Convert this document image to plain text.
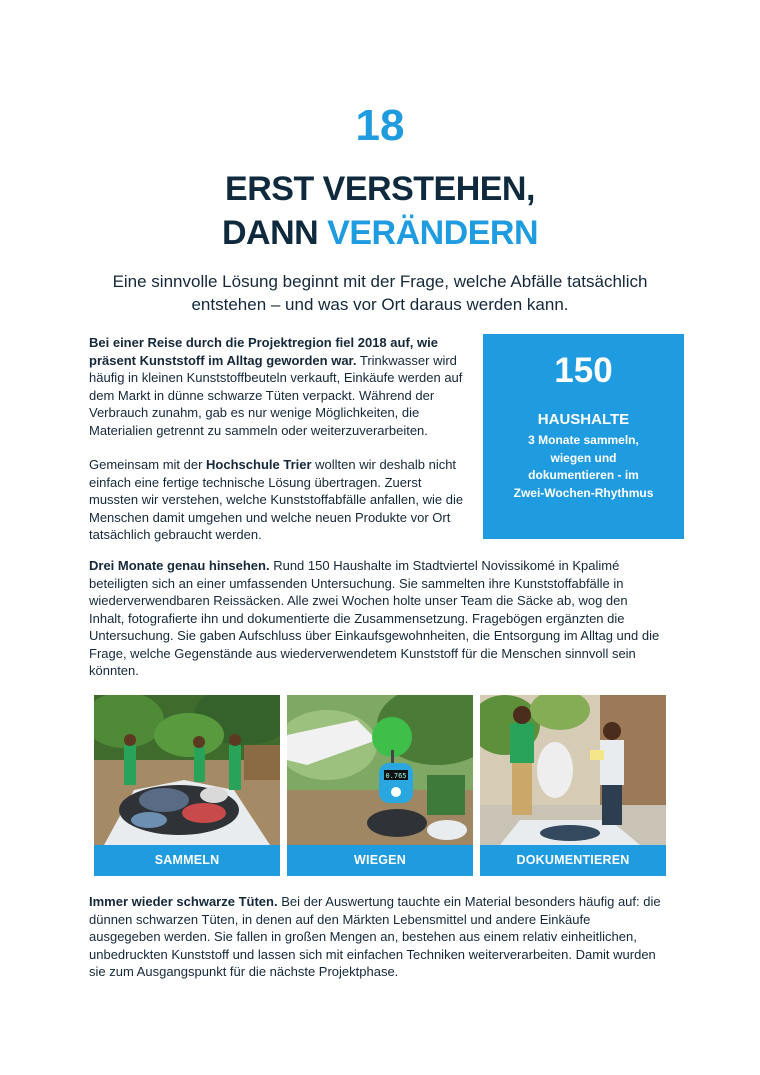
18
ERST VERSTEHEN,
DANN VERÄNDERN
Eine sinnvolle Lösung beginnt mit der Frage, welche Abfälle tatsächlich entstehen – und was vor Ort daraus werden kann.
Bei einer Reise durch die Projektregion fiel 2018 auf, wie präsent Kunststoff im Alltag geworden war. Trinkwasser wird häufig in kleinen Kunststoffbeuteln verkauft, Einkäufe werden auf dem Markt in dünne schwarze Tüten verpackt. Während der Verbrauch zunahm, gab es nur wenige Möglichkeiten, die Materialien getrennt zu sammeln oder weiterzuverarbeiten.
Gemeinsam mit der Hochschule Trier wollten wir deshalb nicht einfach eine fertige technische Lösung übertragen. Zuerst mussten wir verstehen, welche Kunststoffabfälle anfallen, wie die Menschen damit umgehen und welche neuen Produkte vor Ort tatsächlich gebraucht werden.
150
HAUSHALTE
3 Monate sammeln, wiegen und dokumentieren - im Zwei-Wochen-Rhythmus
Drei Monate genau hinsehen. Rund 150 Haushalte im Stadtviertel Novissikomé in Kpalimé beteiligten sich an einer umfassenden Untersuchung. Sie sammelten ihre Kunststoffabfälle in wiederverwendbaren Reissäcken. Alle zwei Wochen holte unser Team die Säcke ab, wog den Inhalt, fotografierte ihn und dokumentierte die Zusammensetzung. Fragebögen ergänzten die Untersuchung. Sie gaben Aufschluss über Einkaufsgewohnheiten, die Entsorgung im Alltag und die Frage, welche Gegenstände aus wiederverwendetem Kunststoff für die Menschen sinnvoll sein könnten.
SAMMELN
0.765
WIEGEN	DOKUMENTIEREN
Immer wieder schwarze Tüten. Bei der Auswertung tauchte ein Material besonders häufig auf: die dünnen schwarzen Tüten, in denen auf den Märkten Lebensmittel und andere Einkäufe ausgegeben werden. Sie fallen in großen Mengen an, bestehen aus einem relativ einheitlichen, unbedruckten Kunststoff und lassen sich mit einfachen Techniken weiterverarbeiten. Damit wurden sie zum Ausgangspunkt für die nächste Projektphase.
